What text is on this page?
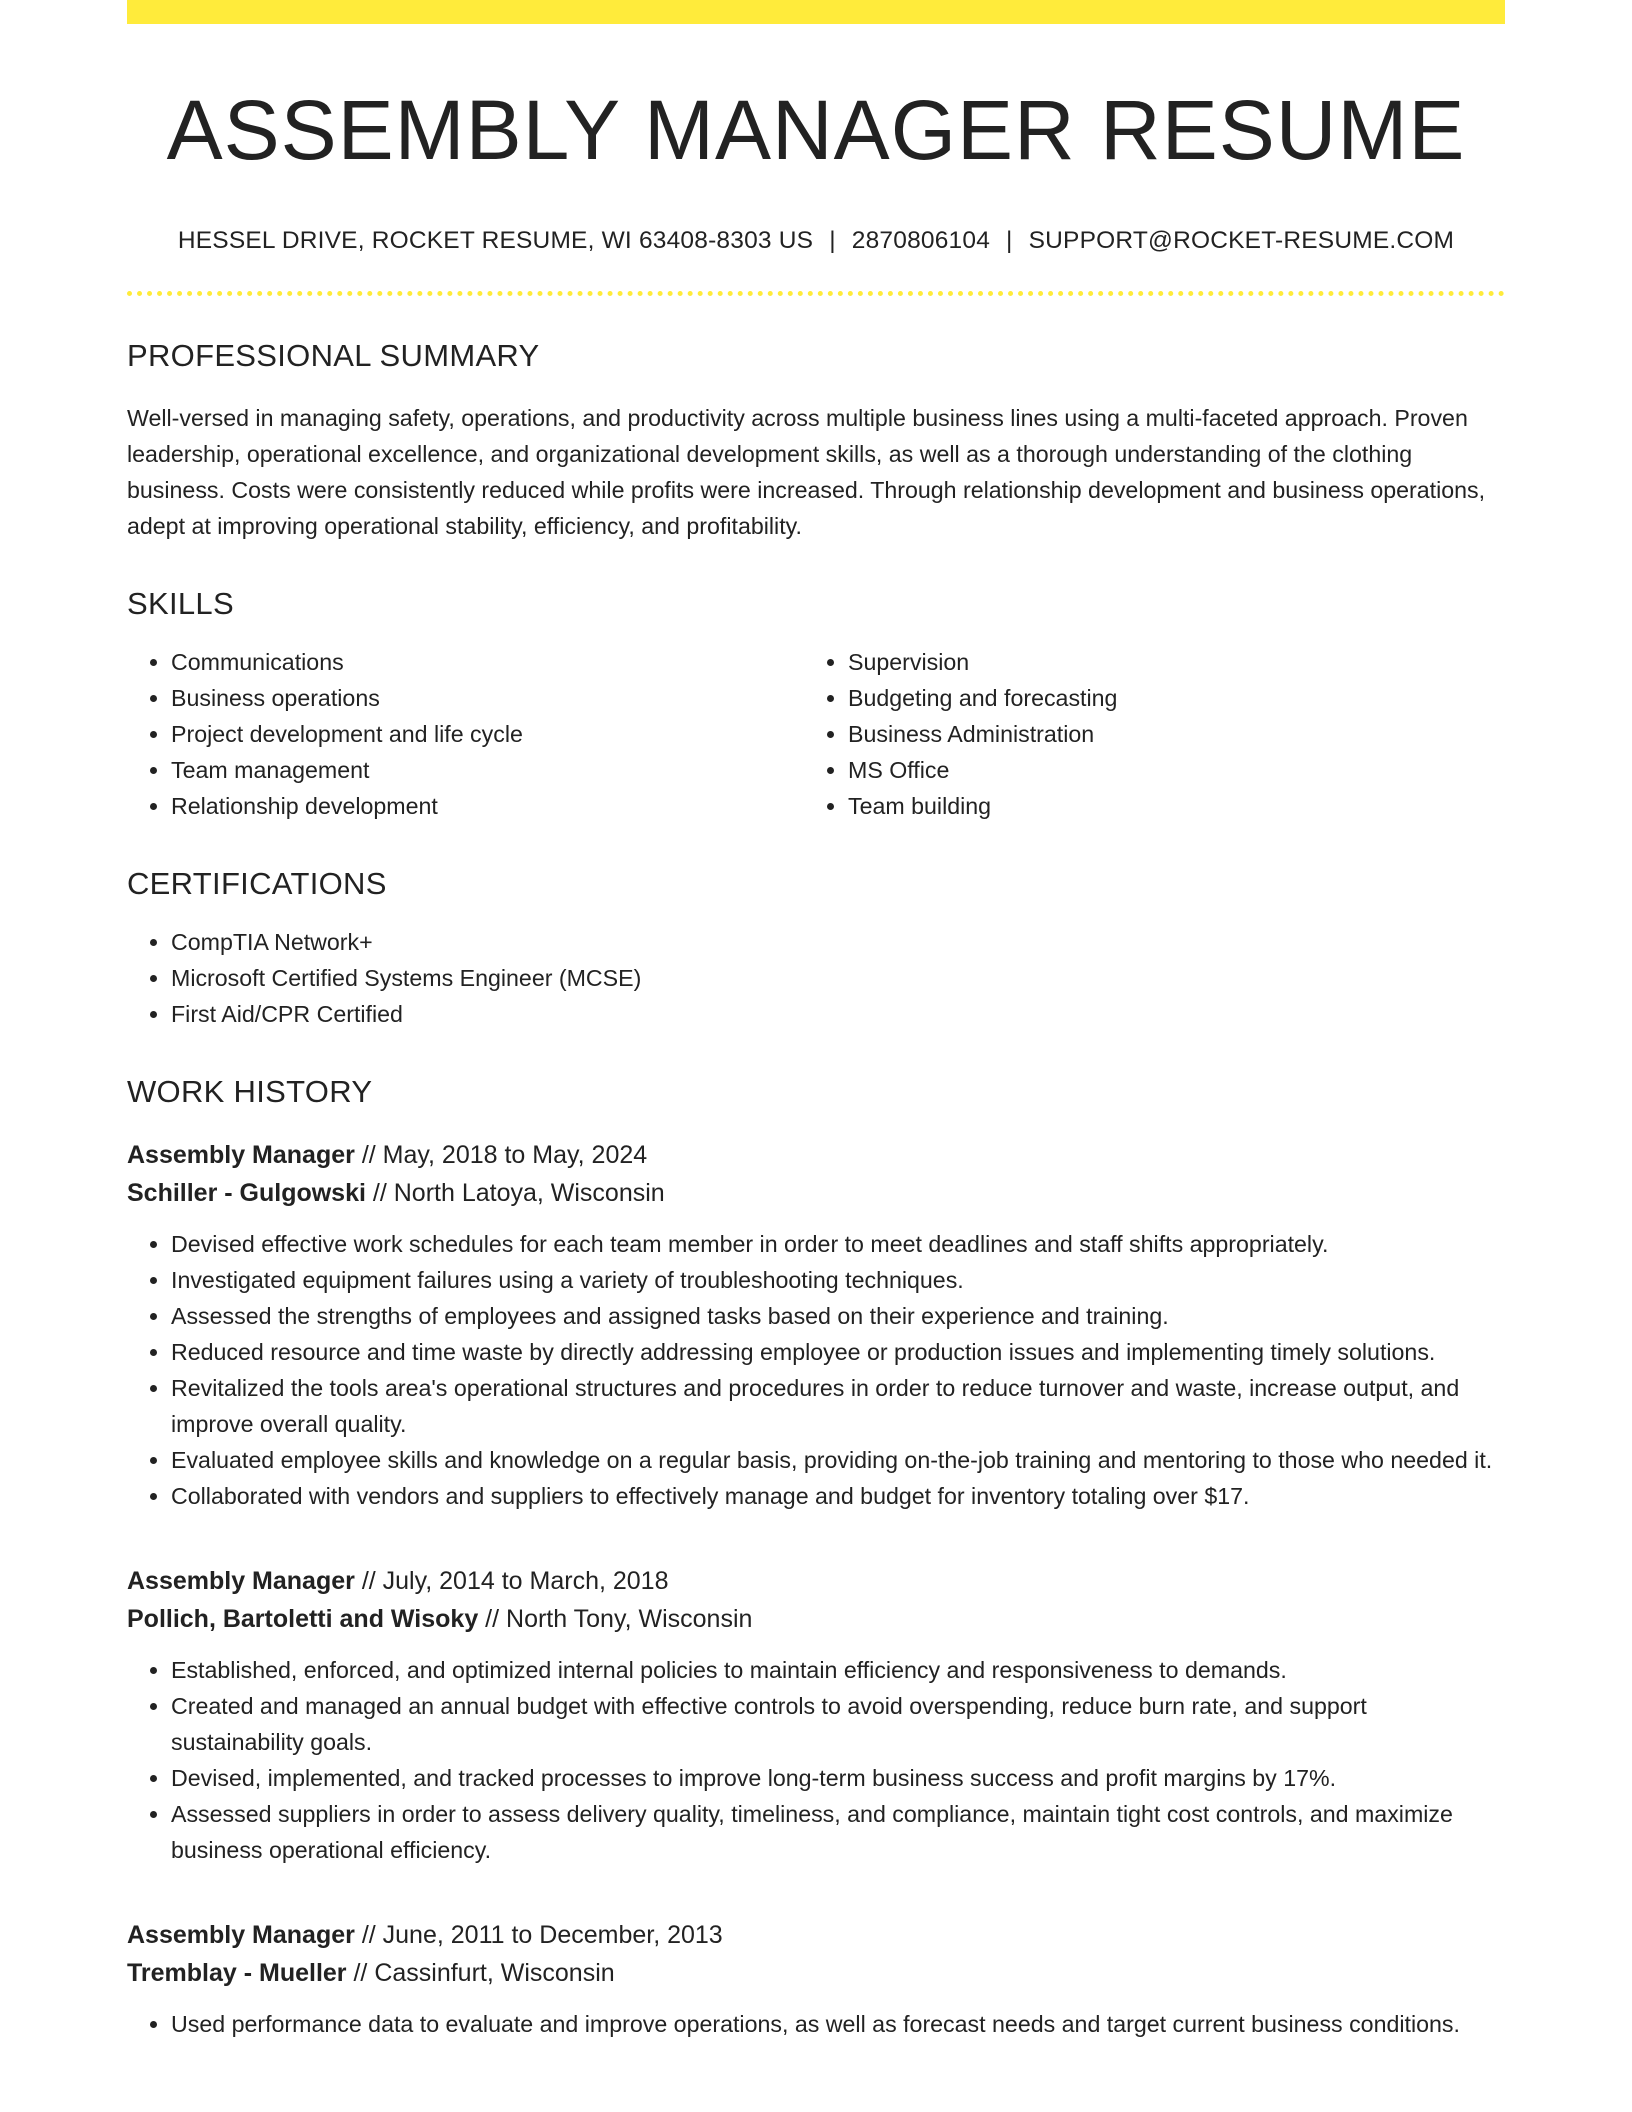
ASSEMBLY MANAGER RESUME
HESSEL DRIVE, ROCKET RESUME, WI 63408-8303 US | 2870806104 | SUPPORT@ROCKET-RESUME.COM
PROFESSIONAL SUMMARY
Well-versed in managing safety, operations, and productivity across multiple business lines using a multi-faceted approach. Proven leadership, operational excellence, and organizational development skills, as well as a thorough understanding of the clothing business. Costs were consistently reduced while profits were increased. Through relationship development and business operations, adept at improving operational stability, efficiency, and profitability.
SKILLS
• Communications
• Business operations
• Project development and life cycle
• Team management
• Relationship development
• Supervision
• Budgeting and forecasting
• Business Administration
• MS Office
• Team building
CERTIFICATIONS
• CompTIA Network+
• Microsoft Certified Systems Engineer (MCSE)
• First Aid/CPR Certified
WORK HISTORY
Assembly Manager // May, 2018 to May, 2024
Schiller - Gulgowski // North Latoya, Wisconsin
• Devised effective work schedules for each team member in order to meet deadlines and staff shifts appropriately.
• Investigated equipment failures using a variety of troubleshooting techniques.
• Assessed the strengths of employees and assigned tasks based on their experience and training.
• Reduced resource and time waste by directly addressing employee or production issues and implementing timely solutions.
• Revitalized the tools area's operational structures and procedures in order to reduce turnover and waste, increase output, and improve overall quality.
• Evaluated employee skills and knowledge on a regular basis, providing on-the-job training and mentoring to those who needed it.
• Collaborated with vendors and suppliers to effectively manage and budget for inventory totaling over $17.
Assembly Manager // July, 2014 to March, 2018
Pollich, Bartoletti and Wisoky // North Tony, Wisconsin
• Established, enforced, and optimized internal policies to maintain efficiency and responsiveness to demands.
• Created and managed an annual budget with effective controls to avoid overspending, reduce burn rate, and support sustainability goals.
• Devised, implemented, and tracked processes to improve long-term business success and profit margins by 17%.
• Assessed suppliers in order to assess delivery quality, timeliness, and compliance, maintain tight cost controls, and maximize business operational efficiency.
Assembly Manager // June, 2011 to December, 2013
Tremblay - Mueller // Cassinfurt, Wisconsin
• Used performance data to evaluate and improve operations, as well as forecast needs and target current business conditions.
